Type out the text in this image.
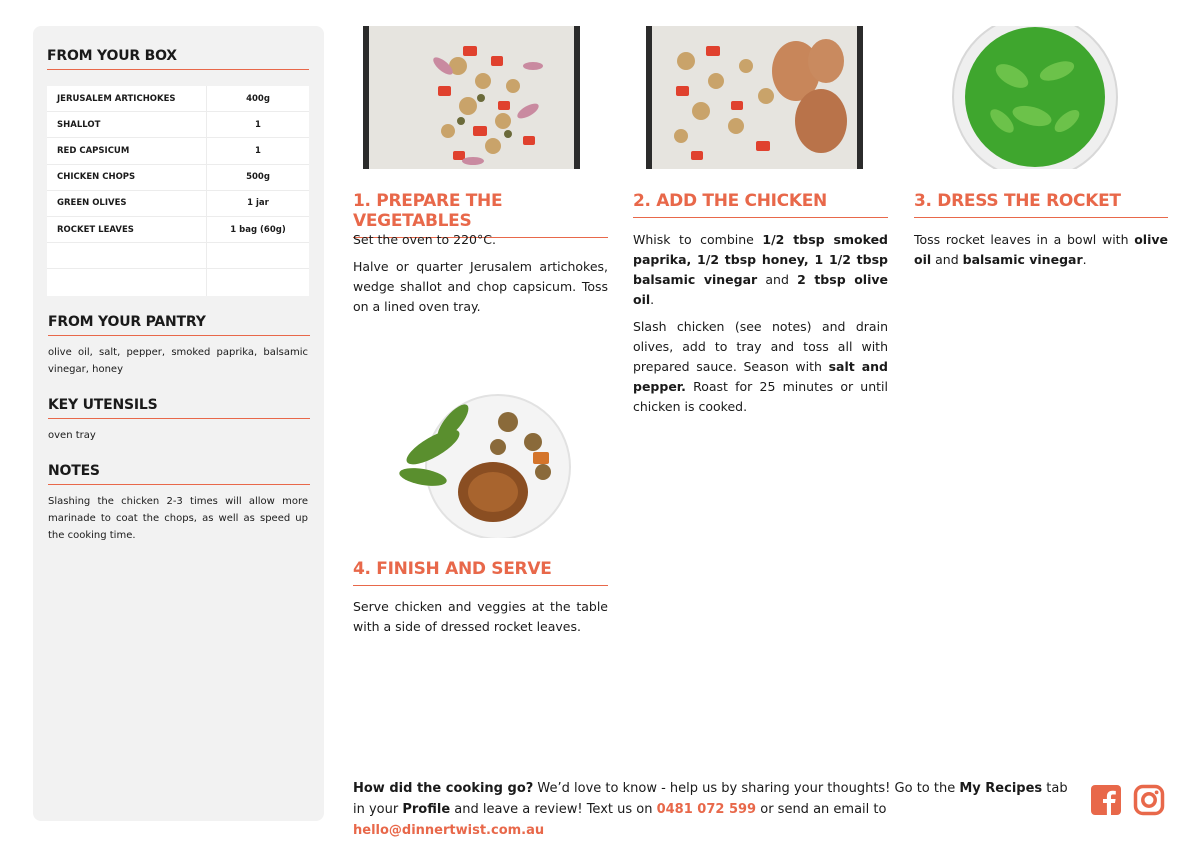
FROM YOUR BOX
JERUSALEM ARTICHOKES	400g
SHALLOT	1
RED CAPSICUM	1
CHICKEN CHOPS	500g
GREEN OLIVES	1 jar
ROCKET LEAVES	1 bag (60g)
FROM YOUR PANTRY

olive oil, salt, pepper, smoked paprika, balsamic vinegar, honey

KEY UTENSILS

oven tray

NOTES

Slashing the chicken 2-3 times will allow more marinade to coat the chops, as well as speed up the cooking time.

1. PREPARE THE VEGETABLES

Set the oven to 220°C.

Halve or quarter Jerusalem artichokes, wedge shallot and chop capsicum. Toss on a lined oven tray.

2. ADD THE CHICKEN

Whisk to combine 1/2 tbsp smoked paprika, 1/2 tbsp honey, 1 1/2 tbsp balsamic vinegar and 2 tbsp olive oil.

Slash chicken (see notes) and drain olives, add to tray and toss all with prepared sauce. Season with salt and pepper. Roast for 25 minutes or until chicken is cooked.

3. DRESS THE ROCKET

Toss rocket leaves in a bowl with olive oil and balsamic vinegar.

4. FINISH AND SERVE

Serve chicken and veggies at the table with a side of dressed rocket leaves.

How did the cooking go? We’d love to know - help us by sharing your thoughts! Go to the My Recipes tab in your Profile and leave a review! Text us on 0481 072 599 or send an email to hello@dinnertwist.com.au
